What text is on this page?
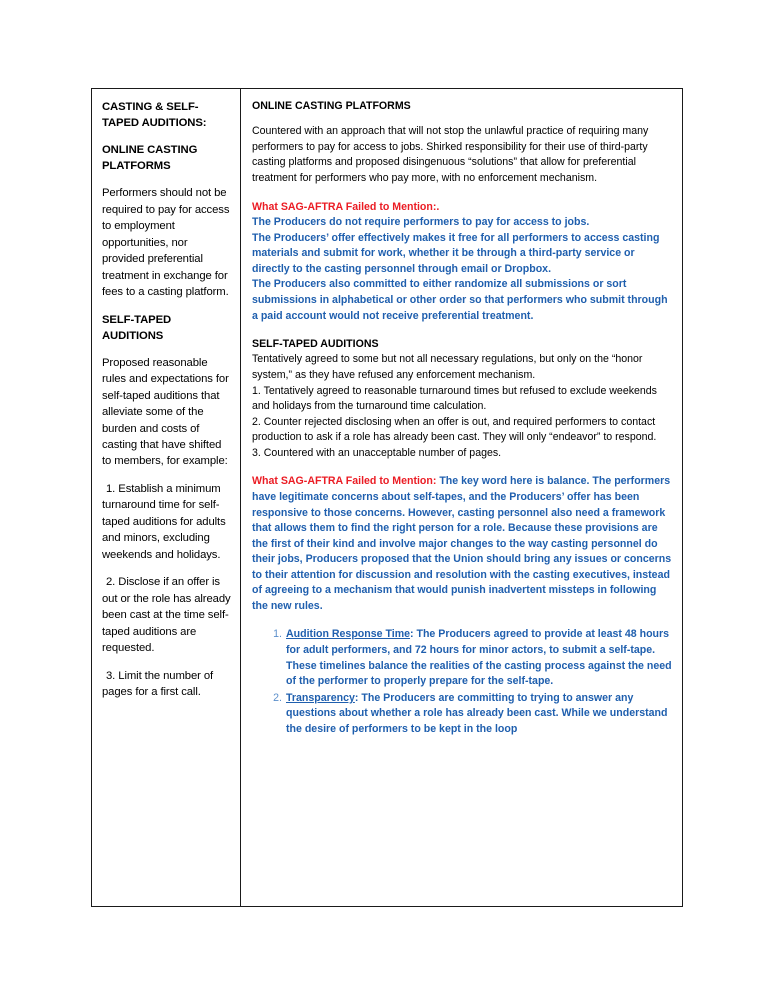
CASTING & SELF-TAPED AUDITIONS:

ONLINE CASTING PLATFORMS

Performers should not be required to pay for access to employment opportunities, nor provided preferential treatment in exchange for fees to a casting platform.

SELF-TAPED AUDITIONS

Proposed reasonable rules and expectations for self-taped auditions that alleviate some of the burden and costs of casting that have shifted to members, for example:

1. Establish a minimum turnaround time for self-taped auditions for adults and minors, excluding weekends and holidays.

2. Disclose if an offer is out or the role has already been cast at the time self-taped auditions are requested.

3. Limit the number of pages for a first call.

ONLINE CASTING PLATFORMS

Countered with an approach that will not stop the unlawful practice of requiring many performers to pay for access to jobs. Shirked responsibility for their use of third-party casting platforms and proposed disingenuous “solutions” that allow for preferential treatment for performers who pay more, with no enforcement mechanism.

What SAG-AFTRA Failed to Mention:.
The Producers do not require performers to pay for access to jobs.
The Producers’ offer effectively makes it free for all performers to access casting materials and submit for work, whether it be through a third-party service or directly to the casting personnel through email or Dropbox.
The Producers also committed to either randomize all submissions or sort submissions in alphabetical or other order so that performers who submit through a paid account would not receive preferential treatment.

SELF-TAPED AUDITIONS

Tentatively agreed to some but not all necessary regulations, but only on the “honor system,” as they have refused any enforcement mechanism.

1. Tentatively agreed to reasonable turnaround times but refused to exclude weekends and holidays from the turnaround time calculation.

2. Counter rejected disclosing when an offer is out, and required performers to contact production to ask if a role has already been cast. They will only “endeavor” to respond.

3. Countered with an unacceptable number of pages.

What SAG-AFTRA Failed to Mention: The key word here is balance. The performers have legitimate concerns about self-tapes, and the Producers’ offer has been responsive to those concerns. However, casting personnel also need a framework that allows them to find the right person for a role. Because these provisions are the first of their kind and involve major changes to the way casting personnel do their jobs, Producers proposed that the Union should bring any issues or concerns to their attention for discussion and resolution with the casting executives, instead of agreeing to a mechanism that would punish inadvertent missteps in following the new rules.
Audition Response Time: The Producers agreed to provide at least 48 hours for adult performers, and 72 hours for minor actors, to submit a self-tape. These timelines balance the realities of the casting process against the need of the performer to properly prepare for the self-tape.
Transparency: The Producers are committing to trying to answer any questions about whether a role has already been cast. While we understand the desire of performers to be kept in the loop
